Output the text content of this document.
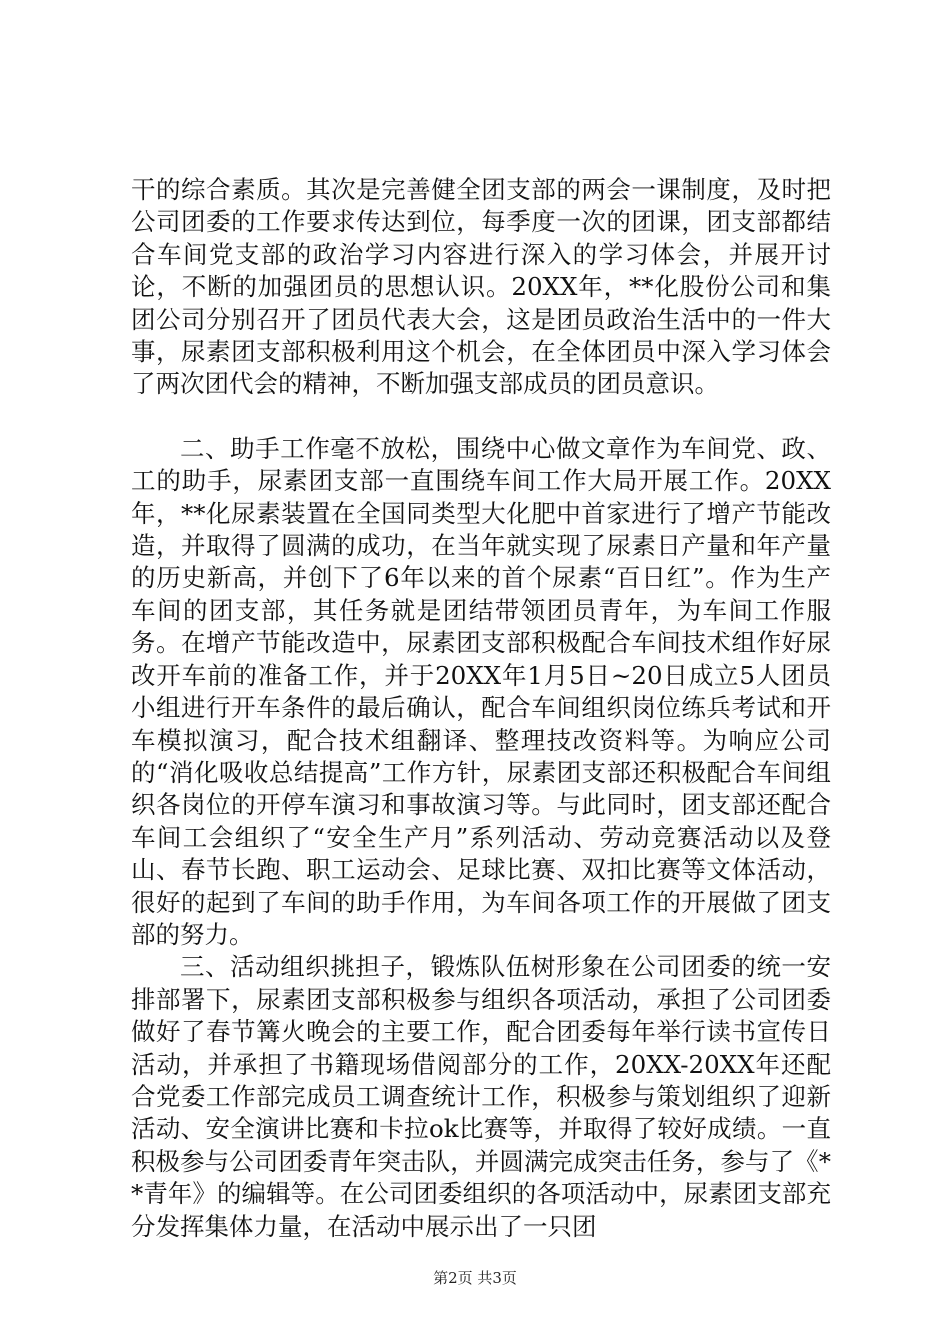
干的综合素质。其次是完善健全团支部的两会一课制度，及时把公司团委的工作要求传达到位，每季度一次的团课，团支部都结合车间党支部的政治学习内容进行深入的学习体会，并展开讨论，不断的加强团员的思想认识。20XX年，**化股份公司和集团公司分别召开了团员代表大会，这是团员政治生活中的一件大事，尿素团支部积极利用这个机会，在全体团员中深入学习体会了两次团代会的精神，不断加强支部成员的团员意识。

二、助手工作毫不放松，围绕中心做文章作为车间党、政、工的助手，尿素团支部一直围绕车间工作大局开展工作。20XX年，**化尿素装置在全国同类型大化肥中首家进行了增产节能改造，并取得了圆满的成功，在当年就实现了尿素日产量和年产量的历史新高，并创下了6年以来的首个尿素“百日红”。作为生产车间的团支部，其任务就是团结带领团员青年，为车间工作服务。在增产节能改造中，尿素团支部积极配合车间技术组作好尿改开车前的准备工作，并于20XX年1月5日~20日成立5人团员小组进行开车条件的最后确认，配合车间组织岗位练兵考试和开车模拟演习，配合技术组翻译、整理技改资料等。为响应公司的“消化吸收总结提高”工作方针，尿素团支部还积极配合车间组织各岗位的开停车演习和事故演习等。与此同时，团支部还配合车间工会组织了“安全生产月”系列活动、劳动竞赛活动以及登山、春节长跑、职工运动会、足球比赛、双扣比赛等文体活动，很好的起到了车间的助手作用，为车间各项工作的开展做了团支部的努力。

三、活动组织挑担子，锻炼队伍树形象在公司团委的统一安排部署下，尿素团支部积极参与组织各项活动，承担了公司团委做好了春节篝火晚会的主要工作，配合团委每年举行读书宣传日活动，并承担了书籍现场借阅部分的工作，20XX-20XX年还配合党委工作部完成员工调查统计工作，积极参与策划组织了迎新活动、安全演讲比赛和卡拉ok比赛等，并取得了较好成绩。一直积极参与公司团委青年突击队，并圆满完成突击任务，参与了《**青年》的编辑等。在公司团委组织的各项活动中，尿素团支部充分发挥集体力量，在活动中展示出了一只团

第2页 共3页
